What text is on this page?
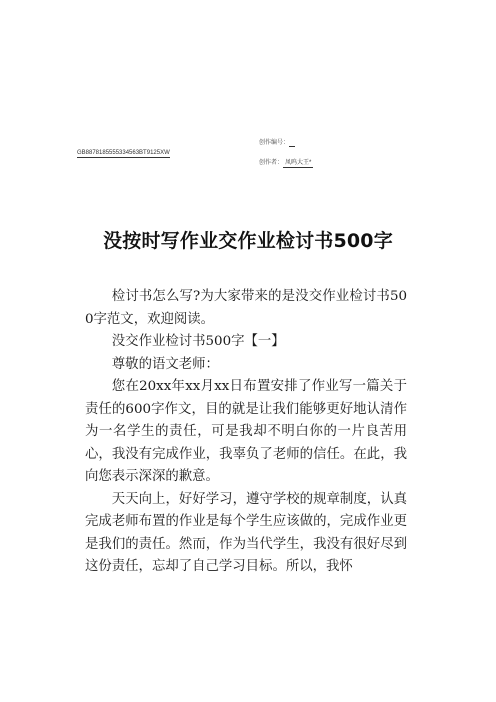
创作编号：
GB8878185555334563BT9125XW
创作者： 凤呜大王*
没按时写作业交作业检讨书500字

检讨书怎么写?为大家带来的是没交作业检讨书500字范文，欢迎阅读。

没交作业检讨书500字【一】

尊敬的语文老师：

您在20xx年xx月xx日布置安排了作业写一篇关于责任的600字作文，目的就是让我们能够更好地认清作为一名学生的责任，可是我却不明白你的一片良苦用心，我没有完成作业，我辜负了老师的信任。在此，我向您表示深深的歉意。

天天向上，好好学习，遵守学校的规章制度，认真完成老师布置的作业是每个学生应该做的，完成作业更是我们的责任。然而，作为当代学生，我没有很好尽到这份责任，忘却了自己学习目标。所以，我怀
